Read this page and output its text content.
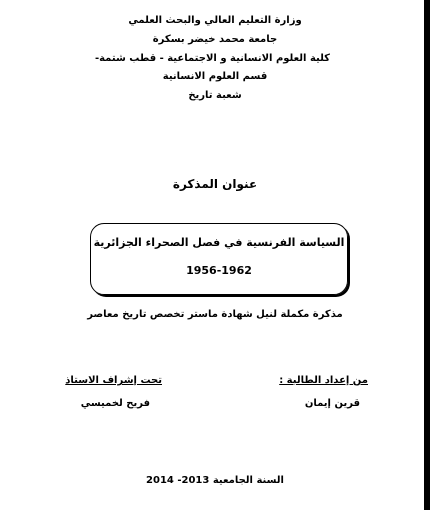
وزارة التعليم العالي والبحث العلمي
جامعة محمد خيضر بسكرة
كلية العلوم الانسانية و الاجتماعية - قطب شتمة-
قسم العلوم الانسانية
شعبة تاريخ
عنوان المذكرة
السياسة الفرنسية في فصل الصحراء الجزائرية
1956-1962
مذكرة مكملة لنيل شهادة ماستر تخصص تاريخ معاصر
من إعداد الطالبة :
قرين إيمان
تحت إشراف الاستاذ
فريح لخميسي
السنة الجامعية 2013- 2014
